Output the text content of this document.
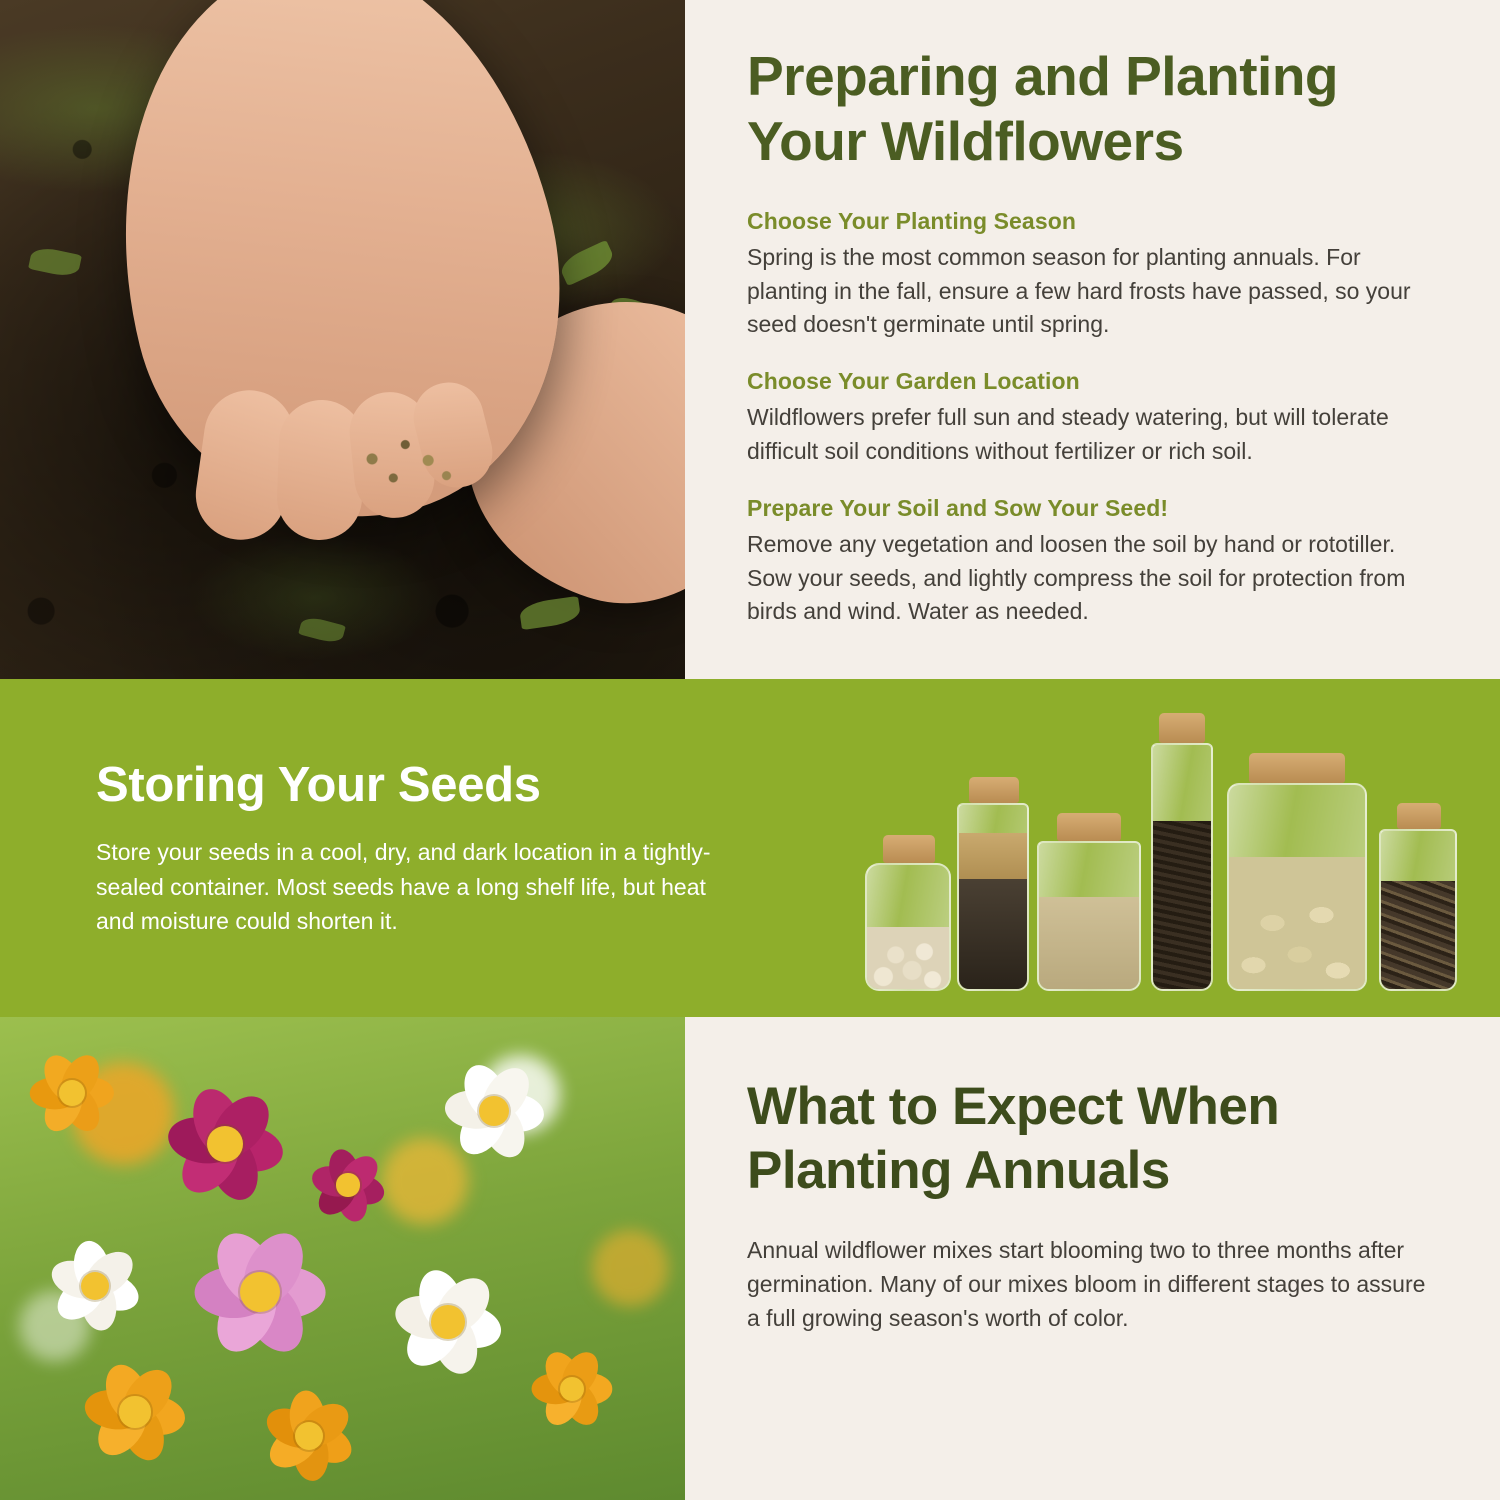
Preparing and Planting Your Wildflowers
Choose Your Planting Season

Spring is the most common season for planting annuals. For planting in the fall, ensure a few hard frosts have passed, so your seed doesn't germinate until spring.

Choose Your Garden Location

Wildflowers prefer full sun and steady watering, but will tolerate difficult soil conditions without fertilizer or rich soil.

Prepare Your Soil and Sow Your Seed!

Remove any vegetation and loosen the soil by hand or rototiller. Sow your seeds, and lightly compress the soil for protection from birds and wind. Water as needed.

Storing Your Seeds

Store your seeds in a cool, dry, and dark location in a tightly-sealed container. Most seeds have a long shelf life, but heat and moisture could shorten it.

What to Expect When Planting Annuals

Annual wildflower mixes start blooming two to three months after germination. Many of our mixes bloom in different stages to assure a full growing season's worth of color.
